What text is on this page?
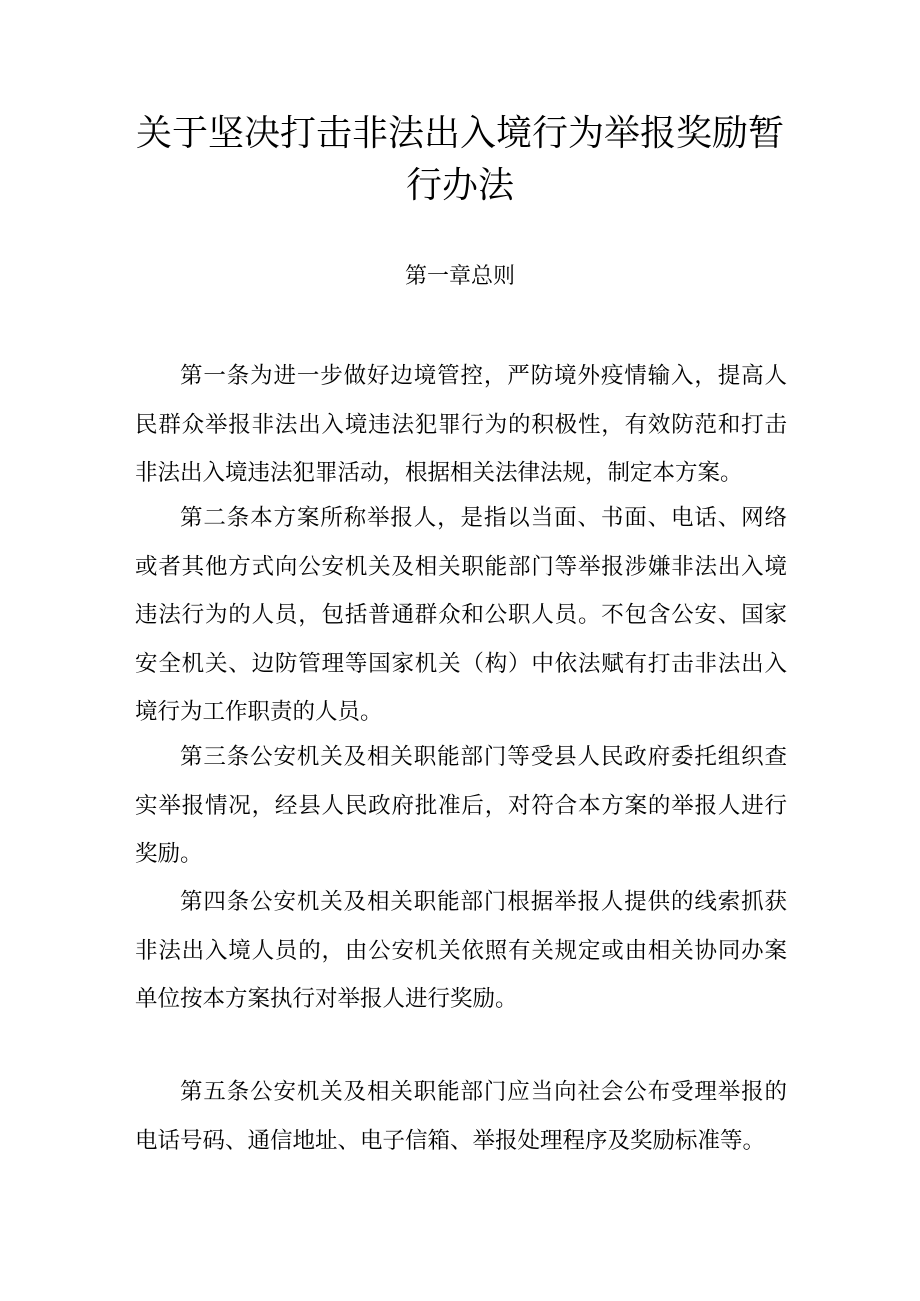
关于坚决打击非法出入境行为举报奖励暂行办法
第一章总则

第一条为进一步做好边境管控，严防境外疫情输入，提高人民群众举报非法出入境违法犯罪行为的积极性，有效防范和打击非法出入境违法犯罪活动，根据相关法律法规，制定本方案。

第二条本方案所称举报人，是指以当面、书面、电话、网络或者其他方式向公安机关及相关职能部门等举报涉嫌非法出入境违法行为的人员，包括普通群众和公职人员。不包含公安、国家安全机关、边防管理等国家机关（构）中依法赋有打击非法出入境行为工作职责的人员。

第三条公安机关及相关职能部门等受县人民政府委托组织查实举报情况，经县人民政府批准后，对符合本方案的举报人进行奖励。

第四条公安机关及相关职能部门根据举报人提供的线索抓获非法出入境人员的，由公安机关依照有关规定或由相关协同办案单位按本方案执行对举报人进行奖励。

第五条公安机关及相关职能部门应当向社会公布受理举报的电话号码、通信地址、电子信箱、举报处理程序及奖励标准等。
